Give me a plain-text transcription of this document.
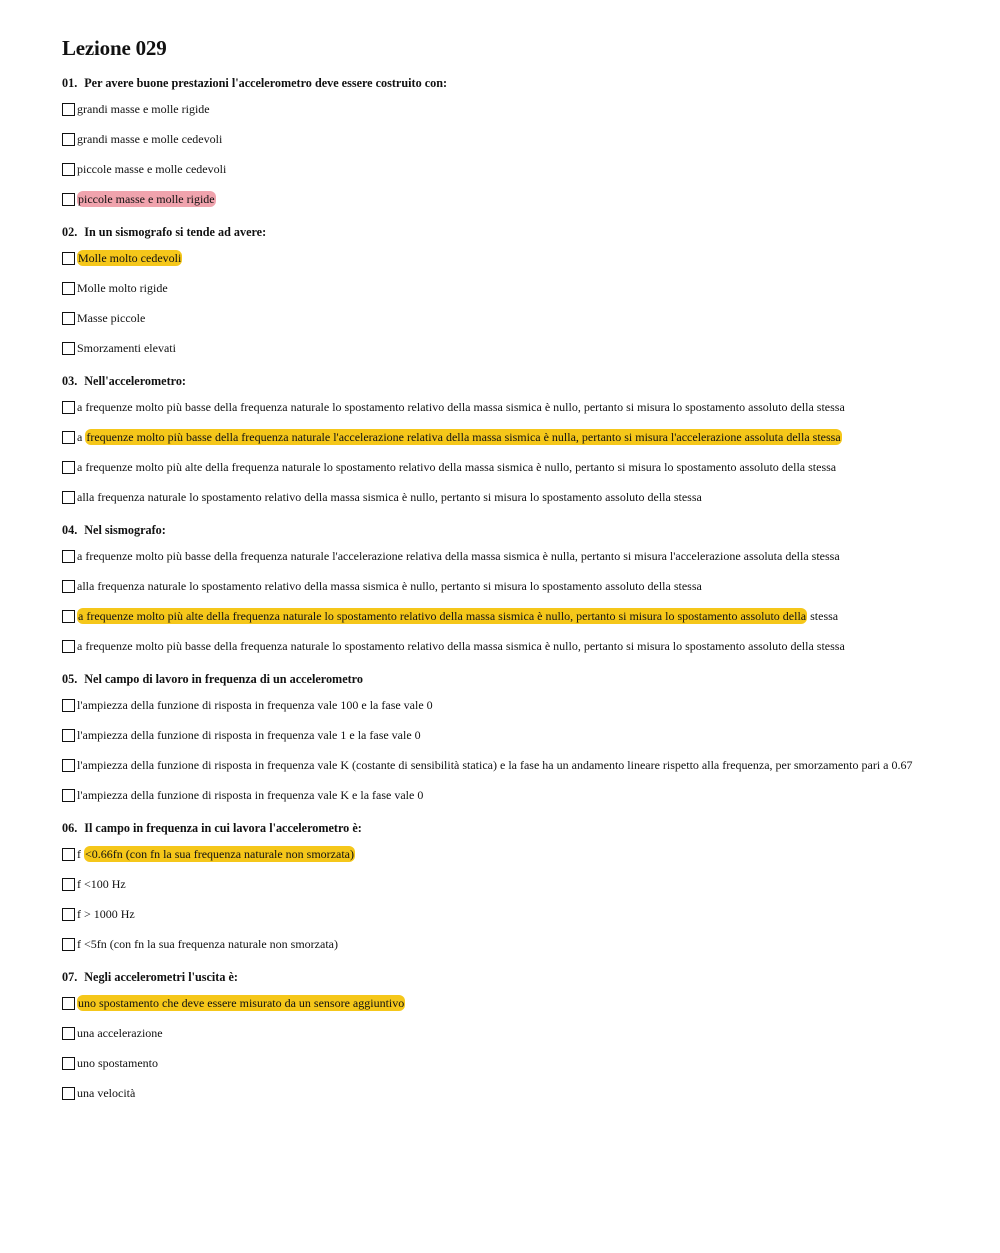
Lezione 029
01. Per avere buone prestazioni l'accelerometro deve essere costruito con:
grandi masse e molle rigide
grandi masse e molle cedevoli
piccole masse e molle cedevoli
piccole masse e molle rigide
02. In un sismografo si tende ad avere:
Molle molto cedevoli
Molle molto rigide
Masse piccole
Smorzamenti elevati
03. Nell'accelerometro:
a frequenze molto più basse della frequenza naturale lo spostamento relativo della massa sismica è nullo, pertanto si misura lo spostamento assoluto della stessa
a frequenze molto più basse della frequenza naturale l'accelerazione relativa della massa sismica è nulla, pertanto si misura l'accelerazione assoluta della stessa
a frequenze molto più alte della frequenza naturale lo spostamento relativo della massa sismica è nullo, pertanto si misura lo spostamento assoluto della stessa
alla frequenza naturale lo spostamento relativo della massa sismica è nullo, pertanto si misura lo spostamento assoluto della stessa
04. Nel sismografo:
a frequenze molto più basse della frequenza naturale l'accelerazione relativa della massa sismica è nulla, pertanto si misura l'accelerazione assoluta della stessa
alla frequenza naturale lo spostamento relativo della massa sismica è nullo, pertanto si misura lo spostamento assoluto della stessa
a frequenze molto più alte della frequenza naturale lo spostamento relativo della massa sismica è nullo, pertanto si misura lo spostamento assoluto della stessa
a frequenze molto più basse della frequenza naturale lo spostamento relativo della massa sismica è nullo, pertanto si misura lo spostamento assoluto della stessa
05. Nel campo di lavoro in frequenza di un accelerometro
l'ampiezza della funzione di risposta in frequenza vale 100 e la fase vale 0
l'ampiezza della funzione di risposta in frequenza vale 1 e la fase vale 0
l'ampiezza della funzione di risposta in frequenza vale K (costante di sensibilità statica) e la fase ha un andamento lineare rispetto alla frequenza, per smorzamento pari a 0.67
l'ampiezza della funzione di risposta in frequenza vale K e la fase vale 0
06. Il campo in frequenza in cui lavora l'accelerometro è:
f <0.66fn (con fn la sua frequenza naturale non smorzata)
f <100 Hz
f > 1000 Hz
f <5fn (con fn la sua frequenza naturale non smorzata)
07. Negli accelerometri l'uscita è:
uno spostamento che deve essere misurato da un sensore aggiuntivo
una accelerazione
uno spostamento
una velocità
